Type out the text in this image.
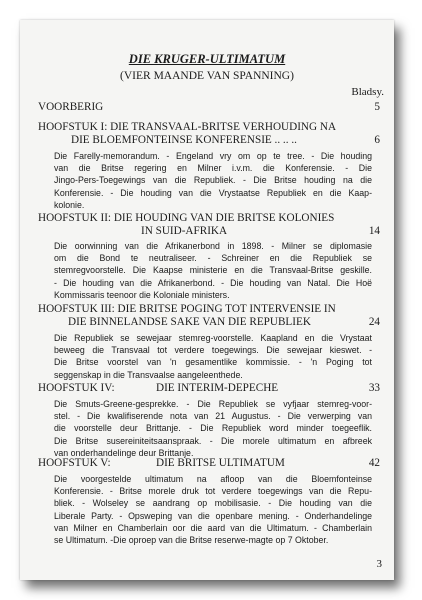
DIE KRUGER-ULTIMATUM
(VIER MAANDE VAN SPANNING)
Bladsy.
VOORBERIG	5
HOOFSTUK I: DIE TRANSVAAL-BRITSE VERHOUDING NA
DIE BLOEMFONTEINSE KONFERENSIE .. .. ..	6
Die Farelly-memorandum. - Engeland vry om op te tree. - Die houding
van die Britse regering en Milner i.v.m. die Konferensie. - Die
Jingo-Pers-Toegewings van die Republiek. - Die Britse houding na die
Konferensie. - Die houding van die Vrystaatse Republiek en die Kaap-
kolonie.
HOOFSTUK II: DIE HOUDING VAN DIE BRITSE KOLONIES
IN SUID-AFRIKA	14
Die oorwinning van die Afrikanerbond in 1898. - Milner se diplomasie
om die Bond te neutraliseer. - Schreiner en die Republiek se
stemregvoorstelle. Die Kaapse ministerie en die Transvaal-Britse geskille.
- Die houding van die Afrikanerbond. - Die houding van Natal. Die Hoë
Kommissaris teenoor die Koloniale ministers.
HOOFSTUK III: DIE BRITSE POGING TOT INTERVENSIE IN
DIE BINNELANDSE SAKE VAN DIE REPUBLIEK	24
Die Republiek se sewejaar stemreg-voorstelle. Kaapland en die Vrystaat
beweeg die Transvaal tot verdere toegewings. Die sewejaar kieswet. -
Die Britse voorstel van 'n gesamentlike kommissie. - 'n Poging tot
seggenskap in die Transvaalse aangeleenthede.
HOOFSTUK IV:	DIE INTERIM-DEPECHE	33
Die Smuts-Greene-gesprekke. - Die Republiek se vyfjaar stemreg-voor-
stel. - Die kwalifiserende nota van 21 Augustus. - Die verwerping van
die voorstelle deur Brittanje. - Die Republiek word minder toegeeflik.
Die Britse susereiniteitsaanspraak. - Die morele ultimatum en afbreek
van onderhandelinge deur Brittanje.
HOOFSTUK V:	DIE BRITSE ULTIMATUM	42
Die voorgestelde ultimatum na afloop van die Bloemfonteinse
Konferensie. - Britse morele druk tot verdere toegewings van die Repu-
bliek. - Wolseley se aandrang op mobilisasie. - Die houding van die
Liberale Party. - Opsweping van die openbare mening. - Onderhandelinge
van Milner en Chamberlain oor die aard van die Ultimatum. - Chamberlain
se Ultimatum. -Die oproep van die Britse reserwe-magte op 7 Oktober.
3
